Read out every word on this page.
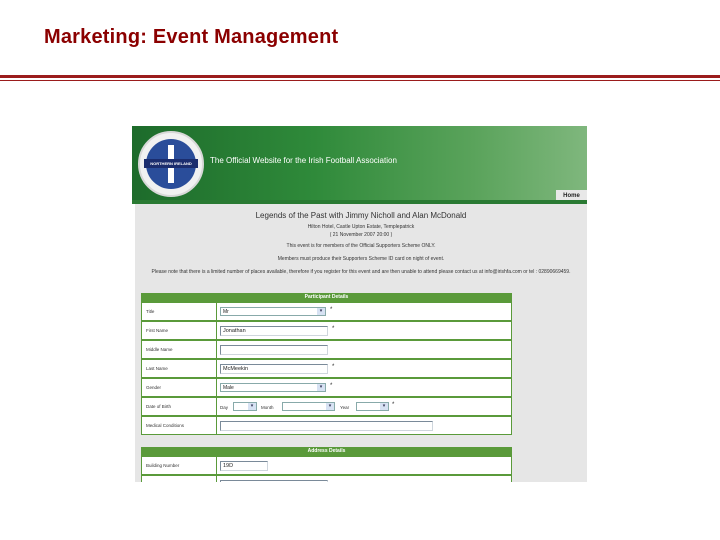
Marketing: Event Management
NORTHERN IRELAND	The Official Website for the Irish Football Association
Home
Legends of the Past with Jimmy Nicholl and Alan McDonald
Hilton Hotel, Castle Upton Estate, Templepatrick
( 21 November 2007 20:00 )
This event is for members of the Official Supporters Scheme ONLY.
Members must produce their Supporters Scheme ID card on night of event.
Please note that there is a limited number of places available, therefore if you register for this event and are then unable to attend please contact us at info@irishfa.com or tel : 02890669459.
Participant Details
Title	Mr	▾	*
First Name	Jonathan	*
Middle Name
Last Name	McMeekin	*
Gender	Male	▾	*
Date of Birth	Day	▾	Month	▾	Year	▾	*
Medical Conditions
Address Details
Building Number	19D
